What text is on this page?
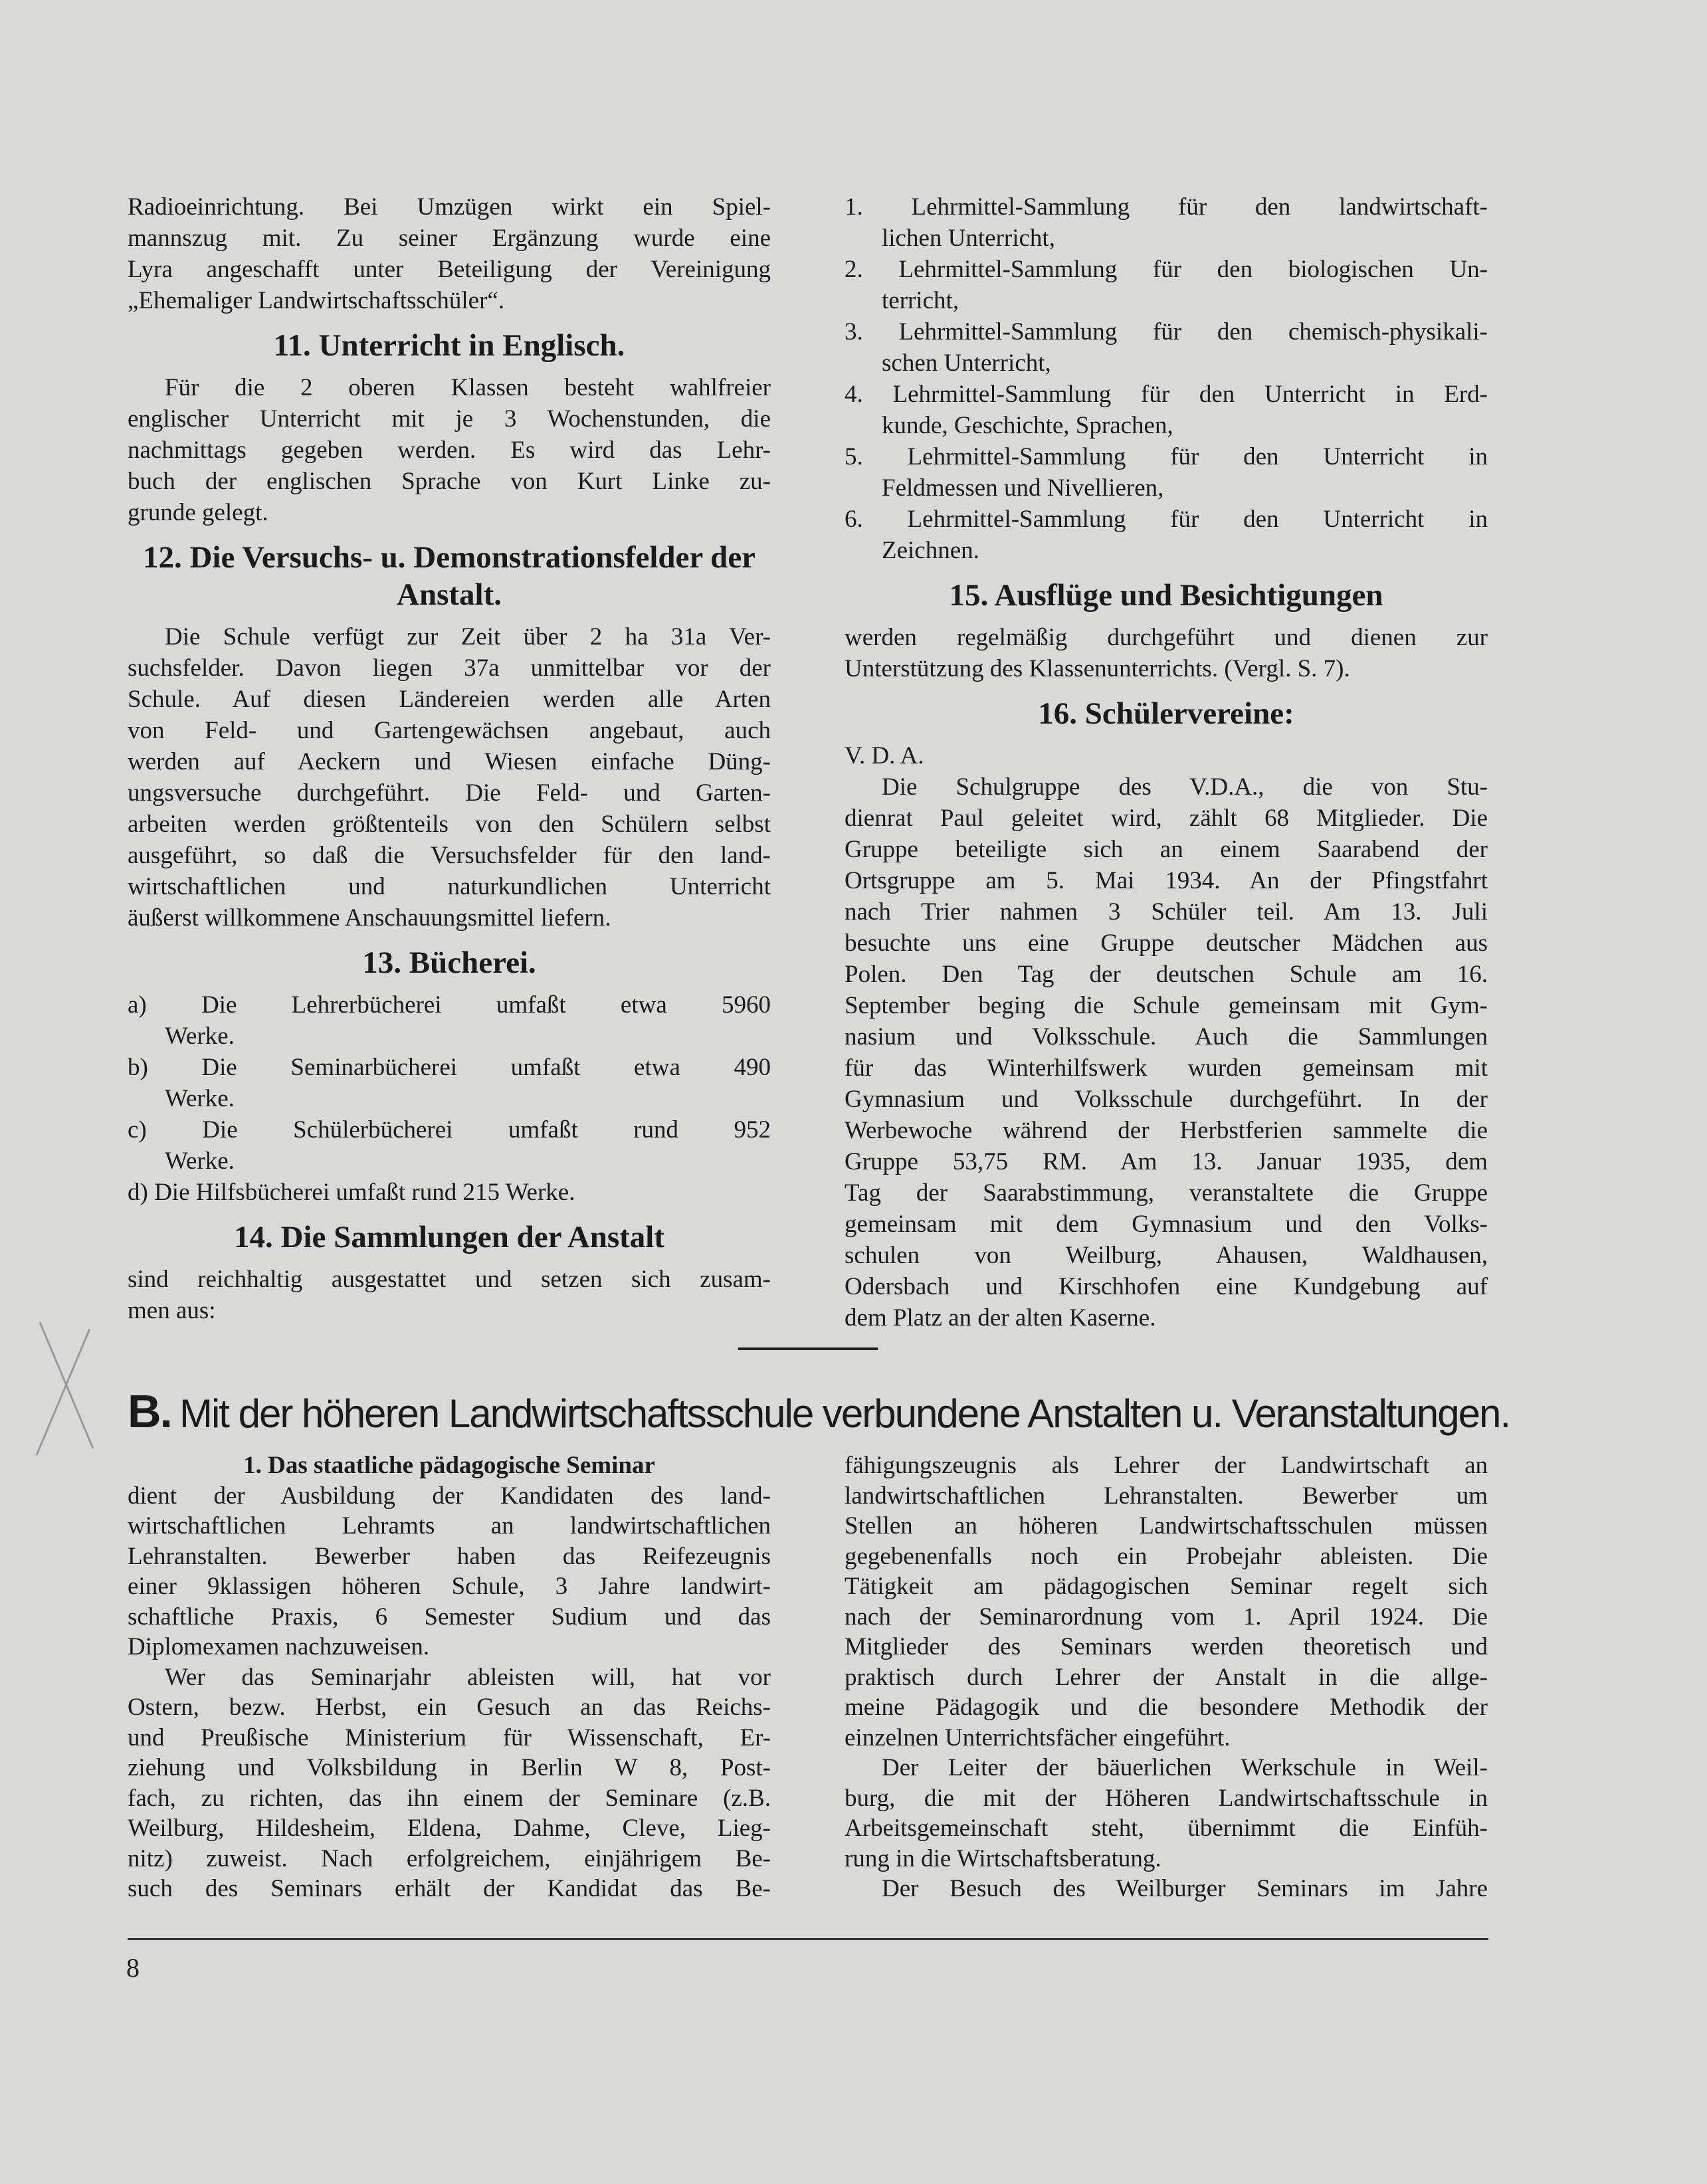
Radioeinrichtung. Bei Umzügen wirkt ein Spiel-
mannszug mit. Zu seiner Ergänzung wurde eine
Lyra angeschafft unter Beteiligung der Vereinigung
„Ehemaliger Landwirtschaftsschüler“.
11. Unterricht in Englisch.
Für die 2 oberen Klassen besteht wahlfreier
englischer Unterricht mit je 3 Wochenstunden, die
nachmittags gegeben werden. Es wird das Lehr-
buch der englischen Sprache von Kurt Linke zu-
grunde gelegt.
12. Die Versuchs- u. Demonstrationsfelder der Anstalt.
Die Schule verfügt zur Zeit über 2 ha 31a Ver-
suchsfelder. Davon liegen 37a unmittelbar vor der
Schule. Auf diesen Ländereien werden alle Arten
von Feld- und Gartengewächsen angebaut, auch
werden auf Aeckern und Wiesen einfache Düng-
ungsversuche durchgeführt. Die Feld- und Garten-
arbeiten werden größtenteils von den Schülern selbst
ausgeführt, so daß die Versuchsfelder für den land-
wirtschaftlichen und naturkundlichen Unterricht
äußerst willkommene Anschauungsmittel liefern.
13. Bücherei.
a) Die Lehrerbücherei umfaßt etwa 5960
Werke.
b) Die Seminarbücherei umfaßt etwa 490
Werke.
c) Die Schülerbücherei umfaßt rund 952
Werke.
d) Die Hilfsbücherei umfaßt rund 215 Werke.
14. Die Sammlungen der Anstalt
sind reichhaltig ausgestattet und setzen sich zusam-
men aus:
1. Lehrmittel-Sammlung für den landwirtschaft-
lichen Unterricht,
2. Lehrmittel-Sammlung für den biologischen Un-
terricht,
3. Lehrmittel-Sammlung für den chemisch-physikali-
schen Unterricht,
4. Lehrmittel-Sammlung für den Unterricht in Erd-
kunde, Geschichte, Sprachen,
5. Lehrmittel-Sammlung für den Unterricht in
Feldmessen und Nivellieren,
6. Lehrmittel-Sammlung für den Unterricht in
Zeichnen.
15. Ausflüge und Besichtigungen
werden regelmäßig durchgeführt und dienen zur
Unterstützung des Klassenunterrichts. (Vergl. S. 7).
16. Schülervereine:
V. D. A.
Die Schulgruppe des V.D.A., die von Stu-
dienrat Paul geleitet wird, zählt 68 Mitglieder. Die
Gruppe beteiligte sich an einem Saarabend der
Ortsgruppe am 5. Mai 1934. An der Pfingstfahrt
nach Trier nahmen 3 Schüler teil. Am 13. Juli
besuchte uns eine Gruppe deutscher Mädchen aus
Polen. Den Tag der deutschen Schule am 16.
September beging die Schule gemeinsam mit Gym-
nasium und Volksschule. Auch die Sammlungen
für das Winterhilfswerk wurden gemeinsam mit
Gymnasium und Volksschule durchgeführt. In der
Werbewoche während der Herbstferien sammelte die
Gruppe 53,75 RM. Am 13. Januar 1935, dem
Tag der Saarabstimmung, veranstaltete die Gruppe
gemeinsam mit dem Gymnasium und den Volks-
schulen von Weilburg, Ahausen, Waldhausen,
Odersbach und Kirschhofen eine Kundgebung auf
dem Platz an der alten Kaserne.
B. Mit der höheren Landwirtschaftsschule verbundene Anstalten u. Veranstaltungen.
1. Das staatliche pädagogische Seminar
dient der Ausbildung der Kandidaten des land-
wirtschaftlichen Lehramts an landwirtschaftlichen
Lehranstalten. Bewerber haben das Reifezeugnis
einer 9klassigen höheren Schule, 3 Jahre landwirt-
schaftliche Praxis, 6 Semester Sudium und das
Diplomexamen nachzuweisen.
Wer das Seminarjahr ableisten will, hat vor
Ostern, bezw. Herbst, ein Gesuch an das Reichs-
und Preußische Ministerium für Wissenschaft, Er-
ziehung und Volksbildung in Berlin W 8, Post-
fach, zu richten, das ihn einem der Seminare (z.B.
Weilburg, Hildesheim, Eldena, Dahme, Cleve, Lieg-
nitz) zuweist. Nach erfolgreichem, einjährigem Be-
such des Seminars erhält der Kandidat das Be-
fähigungszeugnis als Lehrer der Landwirtschaft an
landwirtschaftlichen Lehranstalten. Bewerber um
Stellen an höheren Landwirtschaftsschulen müssen
gegebenenfalls noch ein Probejahr ableisten. Die
Tätigkeit am pädagogischen Seminar regelt sich
nach der Seminarordnung vom 1. April 1924. Die
Mitglieder des Seminars werden theoretisch und
praktisch durch Lehrer der Anstalt in die allge-
meine Pädagogik und die besondere Methodik der
einzelnen Unterrichtsfächer eingeführt.
Der Leiter der bäuerlichen Werkschule in Weil-
burg, die mit der Höheren Landwirtschaftsschule in
Arbeitsgemeinschaft steht, übernimmt die Einfüh-
rung in die Wirtschaftsberatung.
Der Besuch des Weilburger Seminars im Jahre
8
